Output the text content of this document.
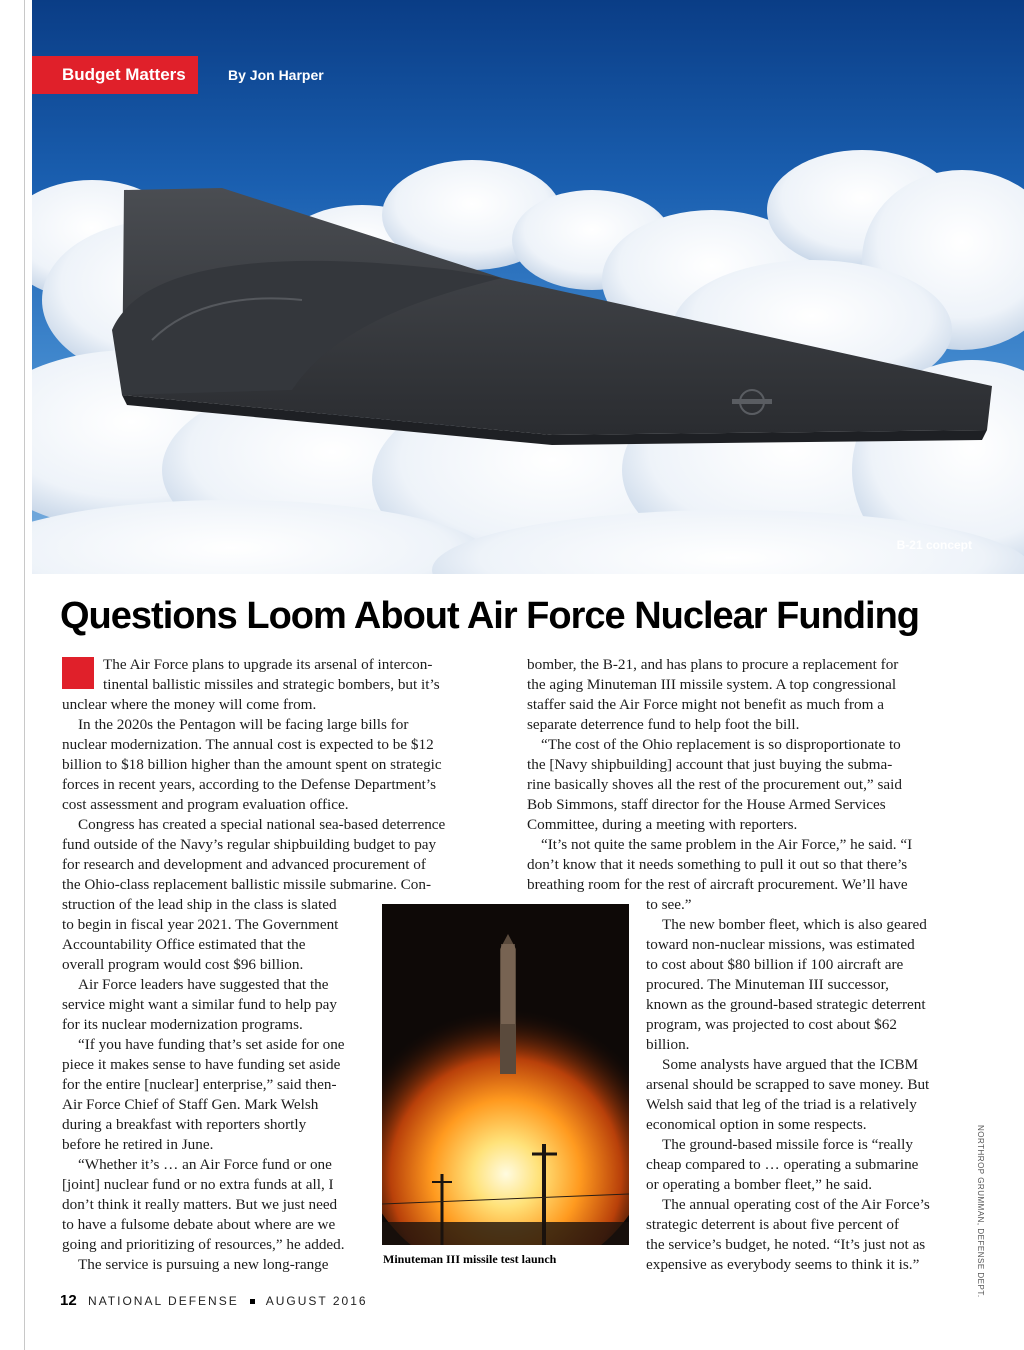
Budget Matters	By Jon Harper
B-21 concept
Questions Loom About Air Force Nuclear Funding
The Air Force plans to upgrade its arsenal of intercon-
tinental ballistic missiles and strategic bombers, but it’s
unclear where the money will come from.
In the 2020s the Pentagon will be facing large bills for
nuclear modernization. The annual cost is expected to be $12
billion to $18 billion higher than the amount spent on strategic
forces in recent years, according to the Defense Department’s
cost assessment and program evaluation office.
Congress has created a special national sea-based deterrence
fund outside of the Navy’s regular shipbuilding budget to pay
for research and development and advanced procurement of
the Ohio-class replacement ballistic missile submarine. Con-
struction of the lead ship in the class is slated
to begin in fiscal year 2021. The Government
Accountability Office estimated that the
overall program would cost $96 billion.
Air Force leaders have suggested that the
service might want a similar fund to help pay
for its nuclear modernization programs.
“If you have funding that’s set aside for one
piece it makes sense to have funding set aside
for the entire [nuclear] enterprise,” said then-
Air Force Chief of Staff Gen. Mark Welsh
during a breakfast with reporters shortly
before he retired in June.
“Whether it’s … an Air Force fund or one
[joint] nuclear fund or no extra funds at all, I
don’t think it really matters. But we just need
to have a fulsome debate about where are we
going and prioritizing of resources,” he added.
The service is pursuing a new long-range
bomber, the B-21, and has plans to procure a replacement for
the aging Minuteman III missile system. A top congressional
staffer said the Air Force might not benefit as much from a
separate deterrence fund to help foot the bill.
“The cost of the Ohio replacement is so disproportionate to
the [Navy shipbuilding] account that just buying the subma-
rine basically shoves all the rest of the procurement out,” said
Bob Simmons, staff director for the House Armed Services
Committee, during a meeting with reporters.
“It’s not quite the same problem in the Air Force,” he said. “I
don’t know that it needs something to pull it out so that there’s
breathing room for the rest of aircraft procurement. We’ll have
to see.”
The new bomber fleet, which is also geared
toward non-nuclear missions, was estimated
to cost about $80 billion if 100 aircraft are
procured. The Minuteman III successor,
known as the ground-based strategic deterrent
program, was projected to cost about $62
billion.
Some analysts have argued that the ICBM
arsenal should be scrapped to save money. But
Welsh said that leg of the triad is a relatively
economical option in some respects.
The ground-based missile force is “really
cheap compared to … operating a submarine
or operating a bomber fleet,” he said.
The annual operating cost of the Air Force’s
strategic deterrent is about five percent of
the service’s budget, he noted. “It’s just not as
expensive as everybody seems to think it is.”
Minuteman III missile test launch	NORTHROP GRUMMAN, DEFENSE DEPT.
12 NATIONAL DEFENSE AUGUST 2016
